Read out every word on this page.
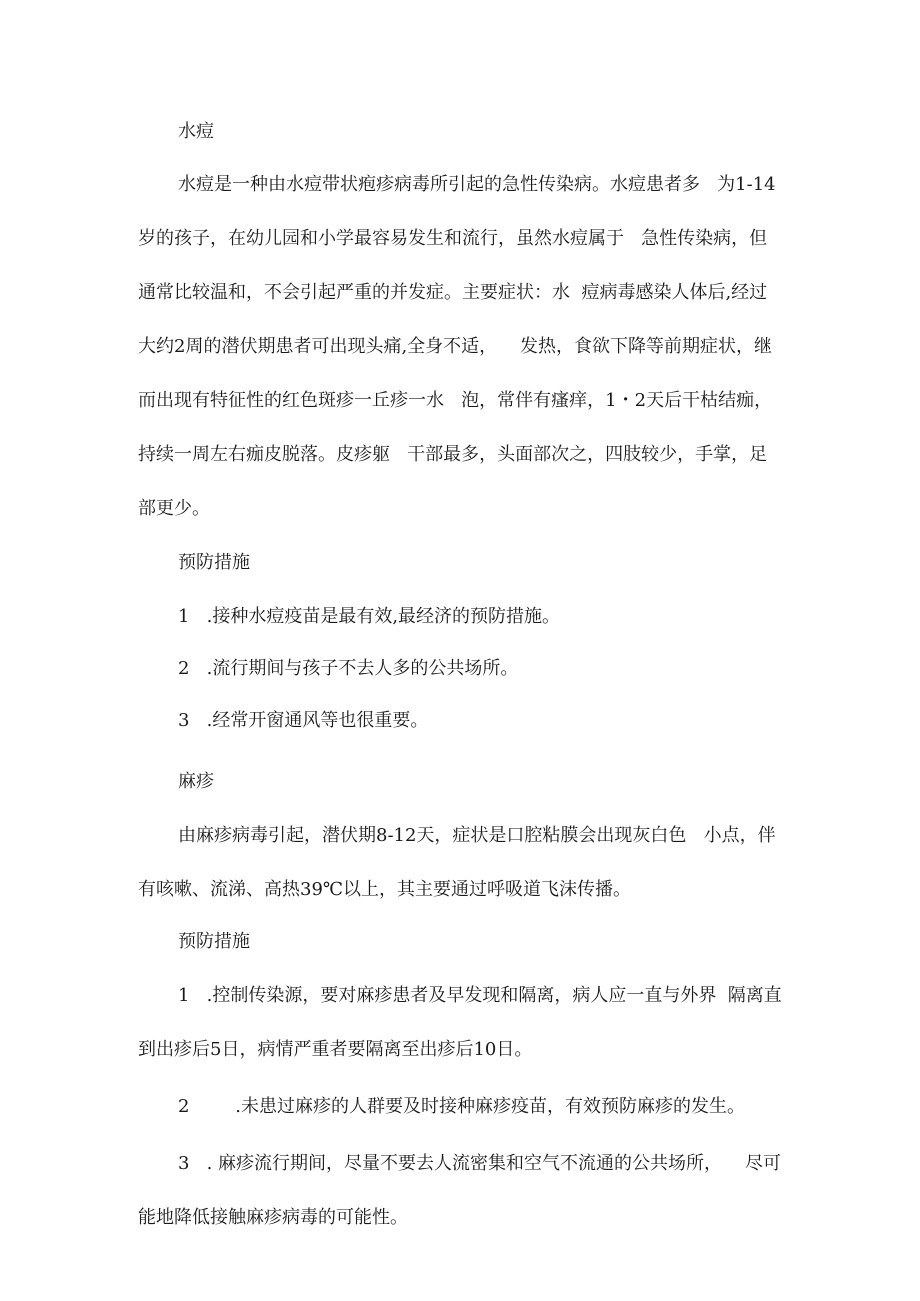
水痘
水痘是一种由水痘带状疱疹病毒所引起的急性传染病。水痘患者多   为1-14
岁的孩子，在幼儿园和小学最容易发生和流行，虽然水痘属于   急性传染病，但
通常比较温和，不会引起严重的并发症。主要症状：水  痘病毒感染人体后,经过
大约2周的潜伏期患者可出现头痛,全身不适，    发热，食欲下降等前期症状，继
而出现有特征性的红色斑疹一丘疹一水   泡，常伴有瘙痒，1・2天后干枯结痂，
持续一周左右痂皮脱落。皮疹躯   干部最多，头面部次之，四肢较少，手掌，足
部更少。
预防措施
1   .接种水痘疫苗是最有效,最经济的预防措施。
2   .流行期间与孩子不去人多的公共场所。
3   .经常开窗通风等也很重要。
麻疹
由麻疹病毒引起，潜伏期8-12天，症状是口腔粘膜会出现灰白色   小点，伴
有咳嗽、流涕、高热39℃以上，其主要通过呼吸道飞沫传播。
预防措施
1   .控制传染源，要对麻疹患者及早发现和隔离，病人应一直与外界  隔离直
到出疹后5日，病情严重者要隔离至出疹后10日。
2        .未患过麻疹的人群要及时接种麻疹疫苗，有效预防麻疹的发生。
3   . 麻疹流行期间，尽量不要去人流密集和空气不流通的公共场所，    尽可
能地降低接触麻疹病毒的可能性。
